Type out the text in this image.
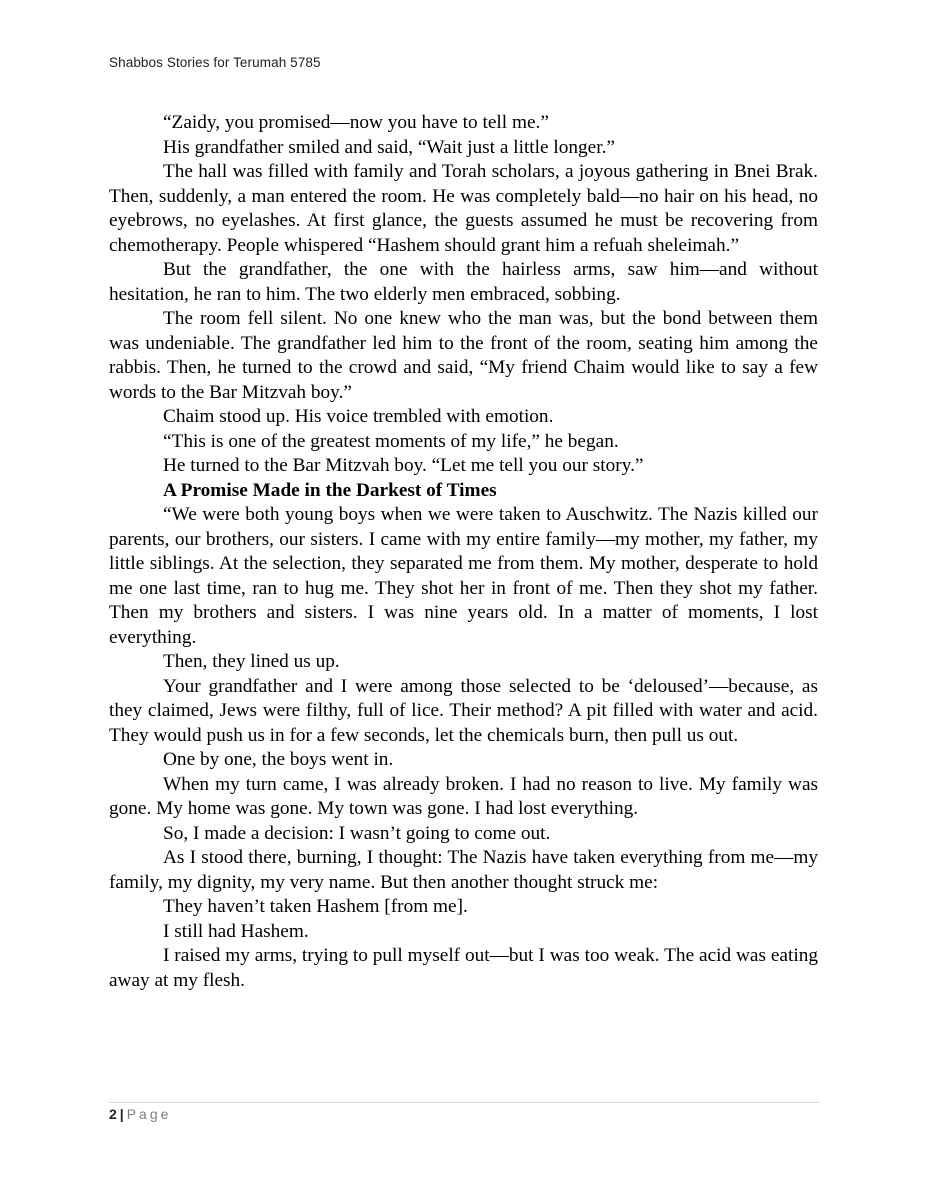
Shabbos Stories for Terumah 5785

“Zaidy, you promised—now you have to tell me.”

His grandfather smiled and said, “Wait just a little longer.”

The hall was filled with family and Torah scholars, a joyous gathering in Bnei Brak. Then, suddenly, a man entered the room. He was completely bald—no hair on his head, no eyebrows, no eyelashes. At first glance, the guests assumed he must be recovering from chemotherapy. People whispered “Hashem should grant him a refuah sheleimah.”

But the grandfather, the one with the hairless arms, saw him—and without hesitation, he ran to him. The two elderly men embraced, sobbing.

The room fell silent. No one knew who the man was, but the bond between them was undeniable. The grandfather led him to the front of the room, seating him among the rabbis. Then, he turned to the crowd and said, “My friend Chaim would like to say a few words to the Bar Mitzvah boy.”

Chaim stood up. His voice trembled with emotion.

“This is one of the greatest moments of my life,” he began.

He turned to the Bar Mitzvah boy. “Let me tell you our story.”

A Promise Made in the Darkest of Times

“We were both young boys when we were taken to Auschwitz. The Nazis killed our parents, our brothers, our sisters. I came with my entire family—my mother, my father, my little siblings. At the selection, they separated me from them. My mother, desperate to hold me one last time, ran to hug me. They shot her in front of me. Then they shot my father. Then my brothers and sisters. I was nine years old. In a matter of moments, I lost everything.

Then, they lined us up.

Your grandfather and I were among those selected to be ‘deloused’—because, as they claimed, Jews were filthy, full of lice. Their method? A pit filled with water and acid. They would push us in for a few seconds, let the chemicals burn, then pull us out.

One by one, the boys went in.

When my turn came, I was already broken. I had no reason to live. My family was gone. My home was gone. My town was gone. I had lost everything.

So, I made a decision: I wasn’t going to come out.

As I stood there, burning, I thought: The Nazis have taken everything from me—my family, my dignity, my very name. But then another thought struck me:

They haven’t taken Hashem [from me].

I still had Hashem.

I raised my arms, trying to pull myself out—but I was too weak. The acid was eating away at my flesh.

2 | Page
